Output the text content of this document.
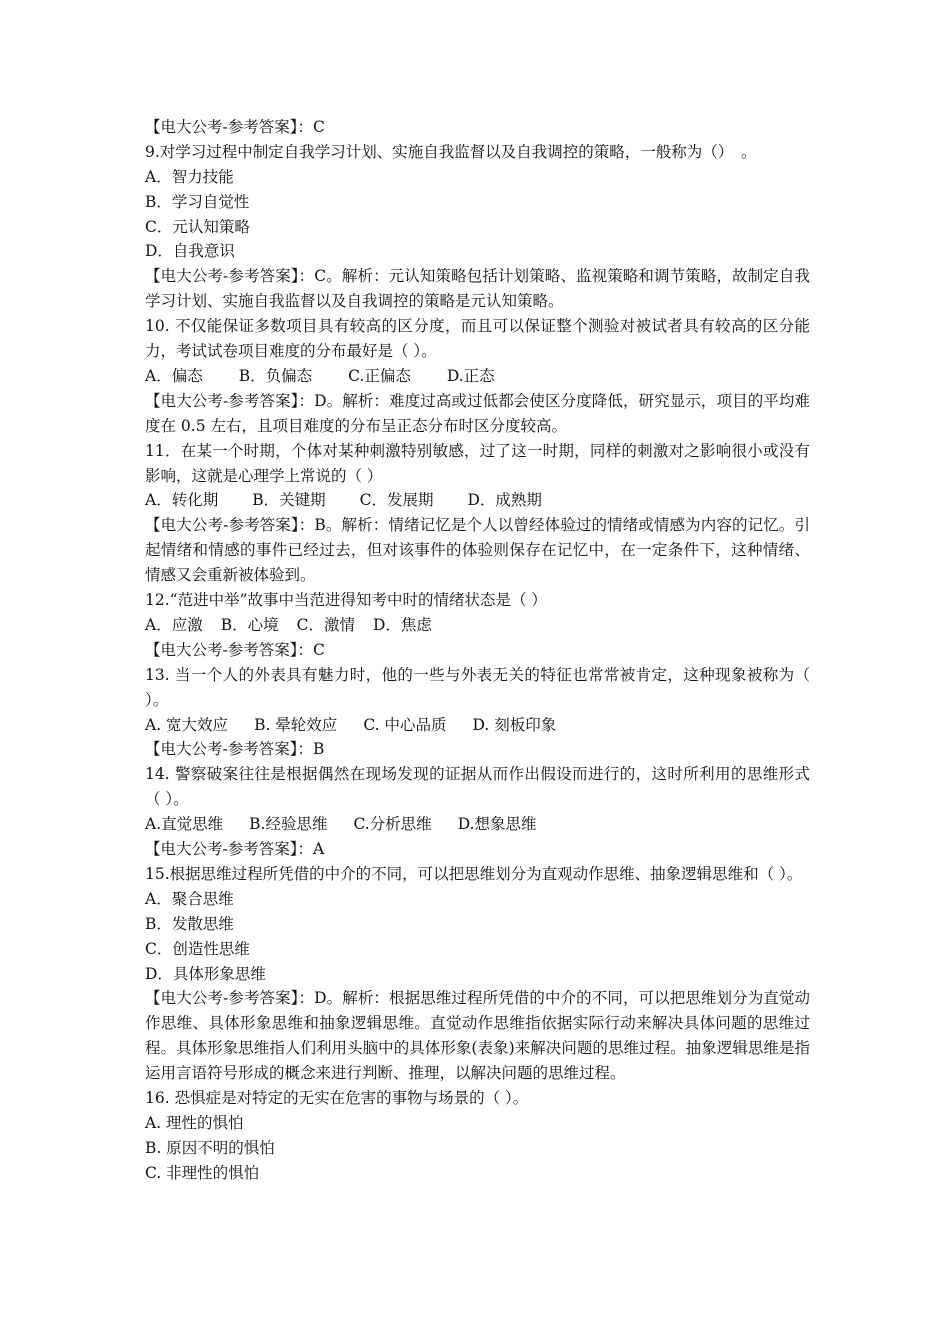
【电大公考-参考答案】：C
9.对学习过程中制定自我学习计划、实施自我监督以及自我调控的策略，一般称为（）　。
A．智力技能
B．学习自觉性
C．元认知策略
D．自我意识
【电大公考-参考答案】：C。解析：元认知策略包括计划策略、监视策略和调节策略，故制定自我学习计划、实施自我监督以及自我调控的策略是元认知策略。
10. 不仅能保证多数项目具有较高的区分度，而且可以保证整个测验对被试者具有较高的区分能力，考试试卷项目难度的分布最好是（ ）。
A．偏态 B．负偏态 C.正偏态 D.正态
【电大公考-参考答案】：D。解析：难度过高或过低都会使区分度降低，研究显示，项目的平均难度在 0.5 左右，且项目难度的分布呈正态分布时区分度较高。
11．在某一个时期，个体对某种刺激特别敏感，过了这一时期，同样的刺激对之影响很小或没有影响，这就是心理学上常说的（ ）
A．转化期 B．关键期 C．发展期 D．成熟期
【电大公考-参考答案】：B。解析：情绪记忆是个人以曾经体验过的情绪或情感为内容的记忆。引起情绪和情感的事件已经过去，但对该事件的体验则保存在记忆中，在一定条件下，这种情绪、情感又会重新被体验到。
12.“范进中举”故事中当范进得知考中时的情绪状态是（ ）
A．应激 B．心境 C．激情 D．焦虑
【电大公考-参考答案】：C
13. 当一个人的外表具有魅力时，他的一些与外表无关的特征也常常被肯定，这种现象被称为（ ）。
A. 宽大效应 B. 晕轮效应 C. 中心品质 D. 刻板印象
【电大公考-参考答案】：B
14. 警察破案往往是根据偶然在现场发现的证据从而作出假设而进行的，这时所利用的思维形式（ ）。
A.直觉思维 B.经验思维 C.分析思维 D.想象思维
【电大公考-参考答案】：A
15.根据思维过程所凭借的中介的不同，可以把思维划分为直观动作思维、抽象逻辑思维和（ ）。
A．聚合思维
B．发散思维
C．创造性思维
D．具体形象思维
【电大公考-参考答案】：D。解析：根据思维过程所凭借的中介的不同，可以把思维划分为直觉动作思维、具体形象思维和抽象逻辑思维。直觉动作思维指依据实际行动来解决具体问题的思维过程。具体形象思维指人们利用头脑中的具体形象(表象)来解决问题的思维过程。抽象逻辑思维是指运用言语符号形成的概念来进行判断、推理，以解决问题的思维过程。
16. 恐惧症是对特定的无实在危害的事物与场景的（ ）。
A. 理性的惧怕
B. 原因不明的惧怕
C. 非理性的惧怕
